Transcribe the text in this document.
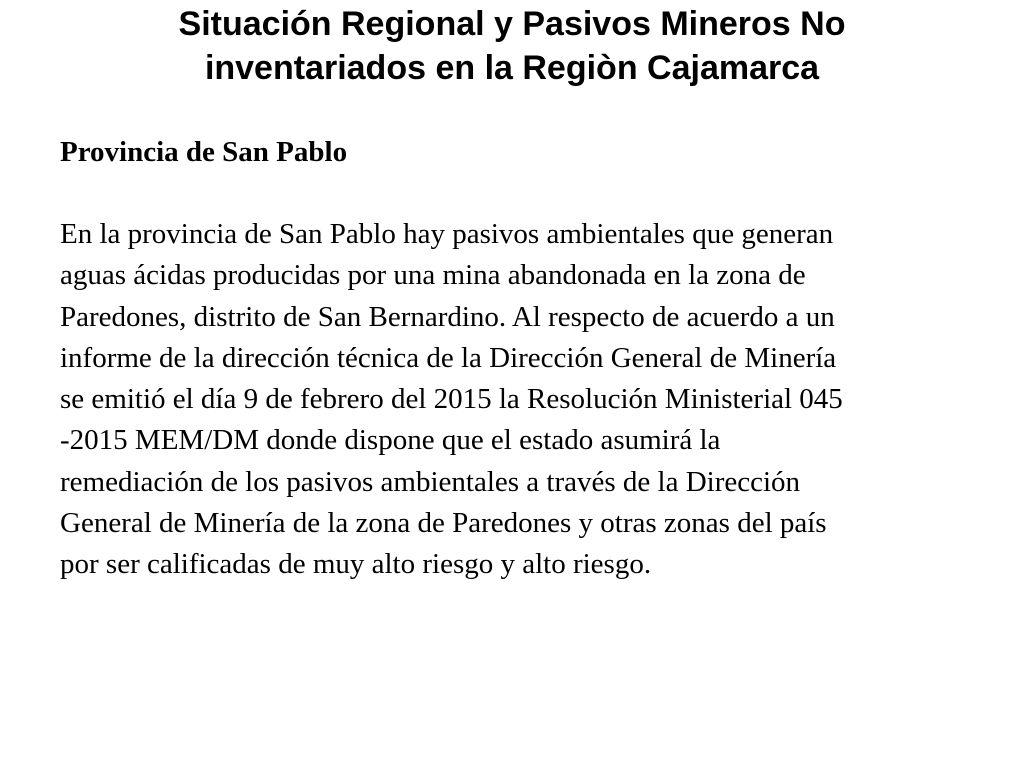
Situación Regional y Pasivos Mineros No
inventariados en la Regiòn Cajamarca
Provincia de San Pablo
En la provincia de San Pablo hay pasivos ambientales que generan
aguas ácidas producidas por una mina abandonada en la zona de
Paredones, distrito de San Bernardino. Al respecto de acuerdo a un
informe de la dirección técnica de la Dirección General de Minería
se emitió el día 9 de febrero del 2015 la Resolución Ministerial 045
-2015 MEM/DM donde dispone que el estado asumirá la
remediación de los pasivos ambientales a través de la Dirección
General de Minería de la zona de Paredones y otras zonas del país
por ser calificadas de muy alto riesgo y alto riesgo.
